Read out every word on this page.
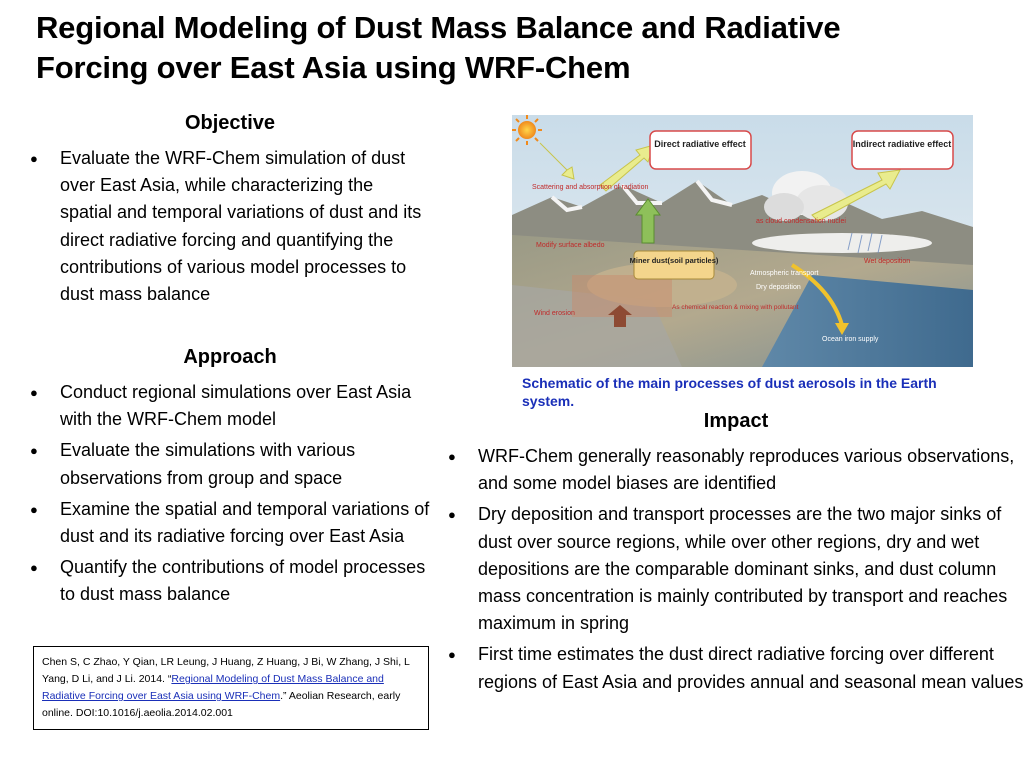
Regional Modeling of Dust Mass Balance and Radiative
Forcing over East Asia using WRF-Chem
Objective
● Evaluate the WRF-Chem simulation of dust over East Asia, while characterizing the spatial and temporal variations of dust and its direct radiative forcing and quantifying the contributions of various model processes to dust mass balance
Approach
● Conduct regional simulations over East Asia with the WRF-Chem model
● Evaluate the simulations with various observations from group and space
● Examine the spatial and temporal variations of dust and its radiative forcing over East Asia
● Quantify the contributions of model processes to dust mass balance
Direct radiative effect	Indirect radiative effect
Miner dust(soil particles)
Scattering and absorption of radiation
as cloud condensation nuclei
Modify surface albedo
Atmospheric transport
Wet deposition
Dry deposition
As chemical reaction & mixing with pollutant
Wind erosion
Ocean iron supply
Schematic of the main processes of dust aerosols in the Earth system.
Impact
● WRF-Chem generally reasonably reproduces various observations, and some model biases are identified
● Dry deposition and transport processes are the two major sinks of dust over source regions, while over other regions, dry and wet depositions are the comparable dominant sinks, and dust column mass concentration is mainly contributed by transport and reaches maximum in spring
● First time estimates the dust direct radiative forcing over different regions of East Asia and provides annual and seasonal mean values
Chen S, C Zhao, Y Qian, LR Leung, J Huang, Z Huang, J Bi, W Zhang, J Shi, L Yang, D Li, and J Li. 2014. “Regional Modeling of Dust Mass Balance and Radiative Forcing over East Asia using WRF-Chem.” Aeolian Research, early online. DOI:10.1016/j.aeolia.2014.02.001
